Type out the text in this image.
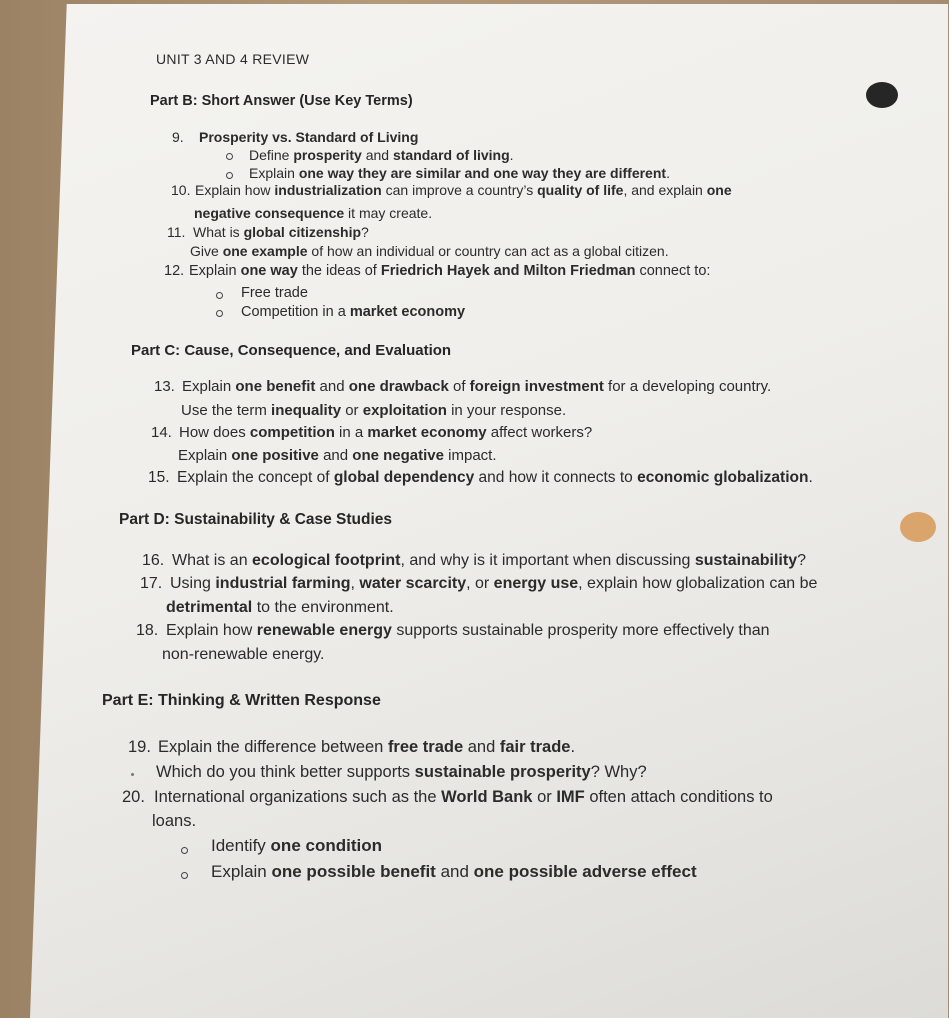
UNIT 3 AND 4 REVIEW
Part B: Short Answer (Use Key Terms)
9. Prosperity vs. Standard of Living
Define prosperity and standard of living.
Explain one way they are similar and one way they are different.
10. Explain how industrialization can improve a country’s quality of life, and explain one
negative consequence it may create.
11. What is global citizenship?
Give one example of how an individual or country can act as a global citizen.
12. Explain one way the ideas of Friedrich Hayek and Milton Friedman connect to:
Free trade
Competition in a market economy
Part C: Cause, Consequence, and Evaluation
13. Explain one benefit and one drawback of foreign investment for a developing country.
Use the term inequality or exploitation in your response.
14. How does competition in a market economy affect workers?
Explain one positive and one negative impact.
15. Explain the concept of global dependency and how it connects to economic globalization.
Part D: Sustainability & Case Studies
16. What is an ecological footprint, and why is it important when discussing sustainability?
17. Using industrial farming, water scarcity, or energy use, explain how globalization can be
detrimental to the environment.
18. Explain how renewable energy supports sustainable prosperity more effectively than
non-renewable energy.
Part E: Thinking & Written Response
19. Explain the difference between free trade and fair trade.
Which do you think better supports sustainable prosperity? Why?
20. International organizations such as the World Bank or IMF often attach conditions to
loans.
Identify one condition
Explain one possible benefit and one possible adverse effect
